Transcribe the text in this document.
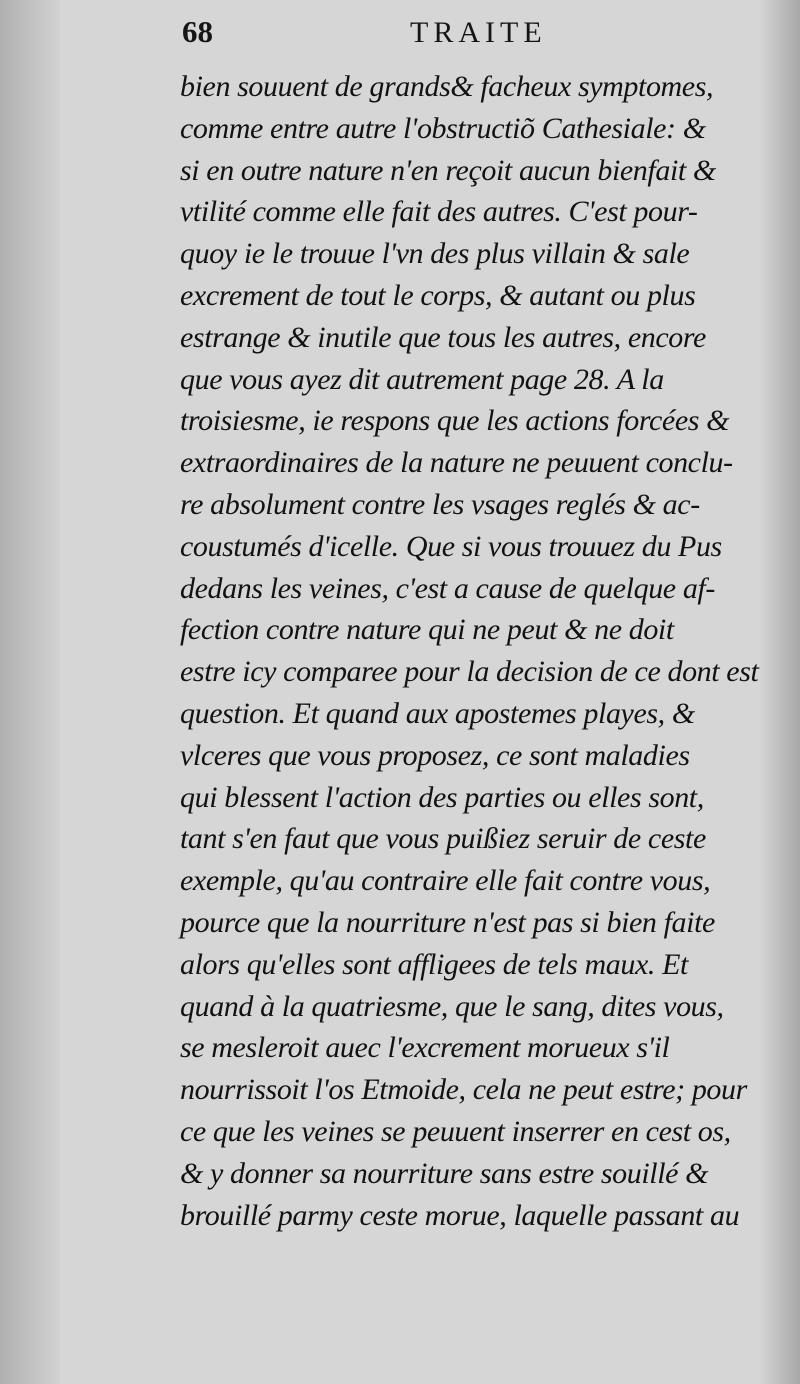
68	TRAITE
bien souuent de grands& facheux symptomes,
comme entre autre l'obstructiõ Cathesiale: &
si en outre nature n'en reçoit aucun bienfait &
vtilité comme elle fait des autres. C'est pour-
quoy ie le trouue l'vn des plus villain & sale
excrement de tout le corps, & autant ou plus
estrange & inutile que tous les autres, encore
que vous ayez dit autrement page 28. A la
troisiesme, ie respons que les actions forcées &
extraordinaires de la nature ne peuuent conclu-
re absolument contre les vsages reglés & ac-
coustumés d'icelle. Que si vous trouuez du Pus
dedans les veines, c'est a cause de quelque af-
fection contre nature qui ne peut & ne doit
estre icy comparee pour la decision de ce dont est
question. Et quand aux apostemes playes, &
vlceres que vous proposez, ce sont maladies
qui blessent l'action des parties ou elles sont,
tant s'en faut que vous puißiez seruir de ceste
exemple, qu'au contraire elle fait contre vous,
pource que la nourriture n'est pas si bien faite
alors qu'elles sont affligees de tels maux. Et
quand à la quatriesme, que le sang, dites vous,
se mesleroit auec l'excrement morueux s'il
nourrissoit l'os Etmoide, cela ne peut estre; pour
ce que les veines se peuuent inserrer en cest os,
& y donner sa nourriture sans estre souillé &
brouillé parmy ceste morue, laquelle passant au
